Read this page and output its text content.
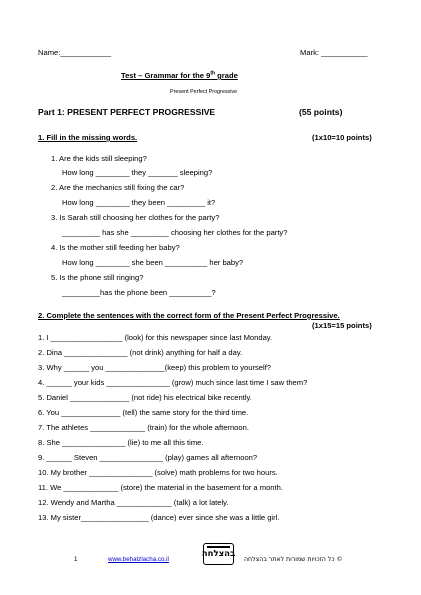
Name:____________	Mark: ___________
Test – Grammar for the 9th grade
Present Perfect Progressive
Part 1: PRESENT PERFECT PROGRESSIVE	(55 points)
1. Fill in the missing words.	(1x10=10 points)
1. Are the kids still sleeping?
How long ________ they _______ sleeping?
2. Are the mechanics still fixing the car?
How long ________ they been _________ it?
3. Is Sarah still choosing her clothes for the party?
_________ has she _________ choosing her clothes for the party?
4. Is the mother still feeding her baby?
How long ________ she been __________ her baby?
5. Is the phone still ringing?
_________has the phone been __________?
2. Complete the sentences with the correct form of the Present Perfect Progressive.
(1x15=15 points)
1. I _________________ (look) for this newspaper since last Monday.
2. Dina _______________ (not drink) anything for half a day.
3. Why ______ you ______________(keep) this problem to yourself?
4. ______ your kids _______________ (grow) much since last time I saw them?
5. Daniel ______________ (not ride) his electrical bike recently.
6. You ______________ (tell) the same story for the third time.
7. The athletes _____________ (train) for the whole afternoon.
8. She _______________ (lie) to me all this time.
9. ______ Steven _______________ (play) games all afternoon?
10. My brother _______________ (solve) math problems for two hours.
11. We _____________ (store) the material in the basement for a month.
12. Wendy and Martha _____________ (talk) a lot lately.
13. My sister________________ (dance) ever since she was a little girl.
בהצלחה
1	www.behatzlacha.co.il	כל הזכויות שמורות לאתר בהצלחה ©
